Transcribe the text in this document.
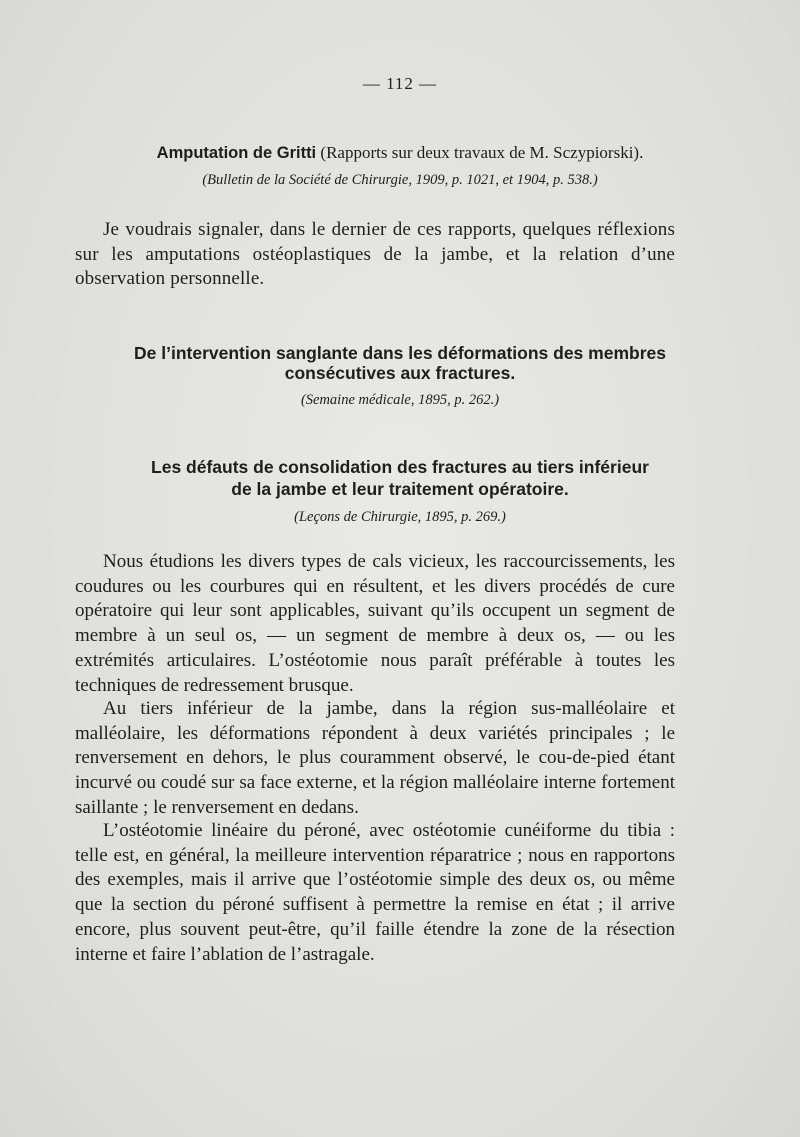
— 112 —
Amputation de Gritti (Rapports sur deux travaux de M. Sczypiorski).
(Bulletin de la Société de Chirurgie, 1909, p. 1021, et 1904, p. 538.)
Je voudrais signaler, dans le dernier de ces rapports, quelques réflexions sur les amputations ostéoplastiques de la jambe, et la relation d’une observation personnelle.
De l’intervention sanglante dans les déformations des membres
consécutives aux fractures.
(Semaine médicale, 1895, p. 262.)
Les défauts de consolidation des fractures au tiers inférieur
de la jambe et leur traitement opératoire.
(Leçons de Chirurgie, 1895, p. 269.)
Nous étudions les divers types de cals vicieux, les raccourcissements, les coudures ou les courbures qui en résultent, et les divers procédés de cure opératoire qui leur sont applicables, suivant qu’ils occupent un segment de membre à un seul os, — un segment de membre à deux os, — ou les extrémités articulaires. L’ostéotomie nous paraît préférable à toutes les techniques de redressement brusque.
Au tiers inférieur de la jambe, dans la région sus-malléolaire et malléolaire, les déformations répondent à deux variétés principales ; le renversement en dehors, le plus couramment observé, le cou-de-pied étant incurvé ou coudé sur sa face externe, et la région malléolaire interne fortement saillante ; le renversement en dedans.
L’ostéotomie linéaire du péroné, avec ostéotomie cunéiforme du tibia : telle est, en général, la meilleure intervention réparatrice ; nous en rapportons des exemples, mais il arrive que l’ostéotomie simple des deux os, ou même que la section du péroné suffisent à permettre la remise en état ; il arrive encore, plus souvent peut-être, qu’il faille étendre la zone de la résection interne et faire l’ablation de l’astragale.
